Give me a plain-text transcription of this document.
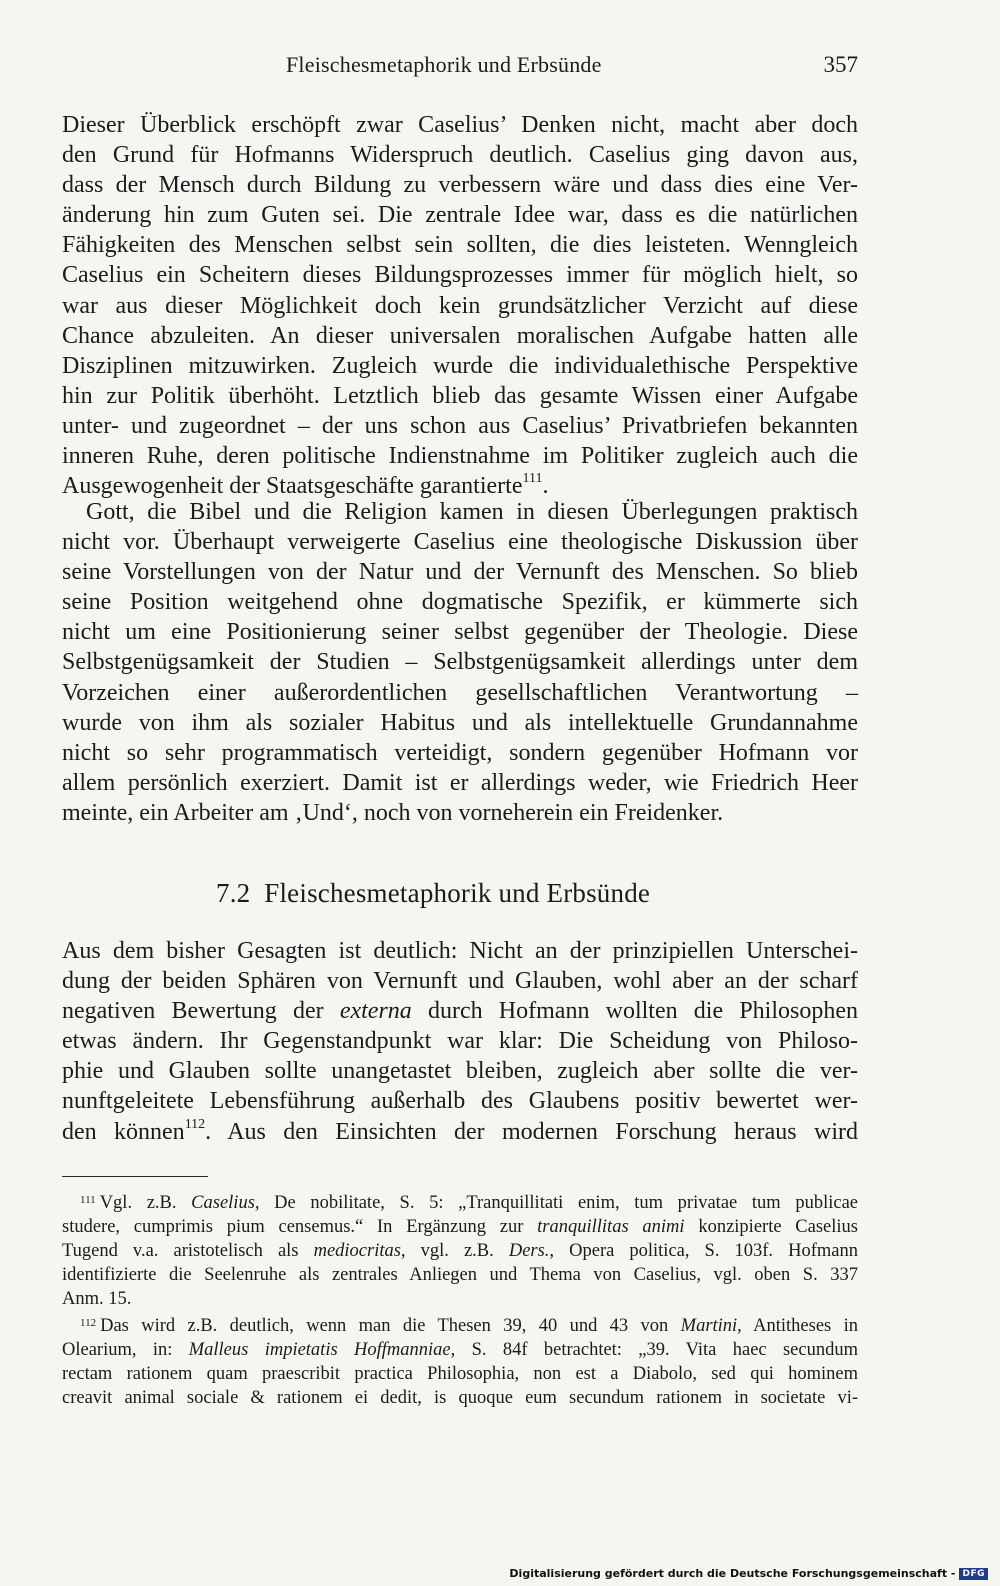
Fleischesmetaphorik und Erbsünde	357

Dieser Überblick erschöpft zwar Caselius’ Denken nicht, macht aber doch

den Grund für Hofmanns Widerspruch deutlich. Caselius ging davon aus,

dass der Mensch durch Bildung zu verbessern wäre und dass dies eine Ver-

änderung hin zum Guten sei. Die zentrale Idee war, dass es die natürlichen

Fähigkeiten des Menschen selbst sein sollten, die dies leisteten. Wenngleich

Caselius ein Scheitern dieses Bildungsprozesses immer für möglich hielt, so

war aus dieser Möglichkeit doch kein grundsätzlicher Verzicht auf diese

Chance abzuleiten. An dieser universalen moralischen Aufgabe hatten alle

Disziplinen mitzuwirken. Zugleich wurde die individualethische Perspektive

hin zur Politik überhöht. Letztlich blieb das gesamte Wissen einer Aufgabe

unter- und zugeordnet – der uns schon aus Caselius’ Privatbriefen bekannten

inneren Ruhe, deren politische Indienstnahme im Politiker zugleich auch die

Ausgewogenheit der Staatsgeschäfte garantierte$^{111}$.

Gott, die Bibel und die Religion kamen in diesen Überlegungen praktisch

nicht vor. Überhaupt verweigerte Caselius eine theologische Diskussion über

seine Vorstellungen von der Natur und der Vernunft des Menschen. So blieb

seine Position weitgehend ohne dogmatische Spezifik, er kümmerte sich

nicht um eine Positionierung seiner selbst gegenüber der Theologie. Diese

Selbstgenügsamkeit der Studien – Selbstgenügsamkeit allerdings unter dem

Vorzeichen einer außerordentlichen gesellschaftlichen Verantwortung –

wurde von ihm als sozialer Habitus und als intellektuelle Grundannahme

nicht so sehr programmatisch verteidigt, sondern gegenüber Hofmann vor

allem persönlich exerziert. Damit ist er allerdings weder, wie Friedrich Heer

meinte, ein Arbeiter am ‚Und‘, noch von vorneherein ein Freidenker.

7.2 Fleischesmetaphorik und Erbsünde

Aus dem bisher Gesagten ist deutlich: Nicht an der prinzipiellen Unterschei-

dung der beiden Sphären von Vernunft und Glauben, wohl aber an der scharf

negativen Bewertung der externa durch Hofmann wollten die Philosophen

etwas ändern. Ihr Gegenstandpunkt war klar: Die Scheidung von Philoso-

phie und Glauben sollte unangetastet bleiben, zugleich aber sollte die ver-

nunftgeleitete Lebensführung außerhalb des Glaubens positiv bewertet wer-

den können$^{112}$. Aus den Einsichten der modernen Forschung heraus wird

$^{111}$ Vgl. z.B. Caselius, De nobilitate, S. 5: „Tranquillitati enim, tum privatae tum publicae

studere, cumprimis pium censemus.“ In Ergänzung zur tranquillitas animi konzipierte Caselius

Tugend v.a. aristotelisch als mediocritas, vgl. z.B. Ders., Opera politica, S. 103f. Hofmann

identifizierte die Seelenruhe als zentrales Anliegen und Thema von Caselius, vgl. oben S. 337

Anm. 15.

$^{112}$ Das wird z.B. deutlich, wenn man die Thesen 39, 40 und 43 von Martini, Antitheses in

Olearium, in: Malleus impietatis Hoffmanniae, S. 84f betrachtet: „39. Vita haec secundum

rectam rationem quam praescribit practica Philosophia, non est a Diabolo, sed qui hominem

creavit animal sociale & rationem ei dedit, is quoque eum secundum rationem in societate vi-

Digitalisierung gefördert durch die Deutsche Forschungsgemeinschaft - DFG
